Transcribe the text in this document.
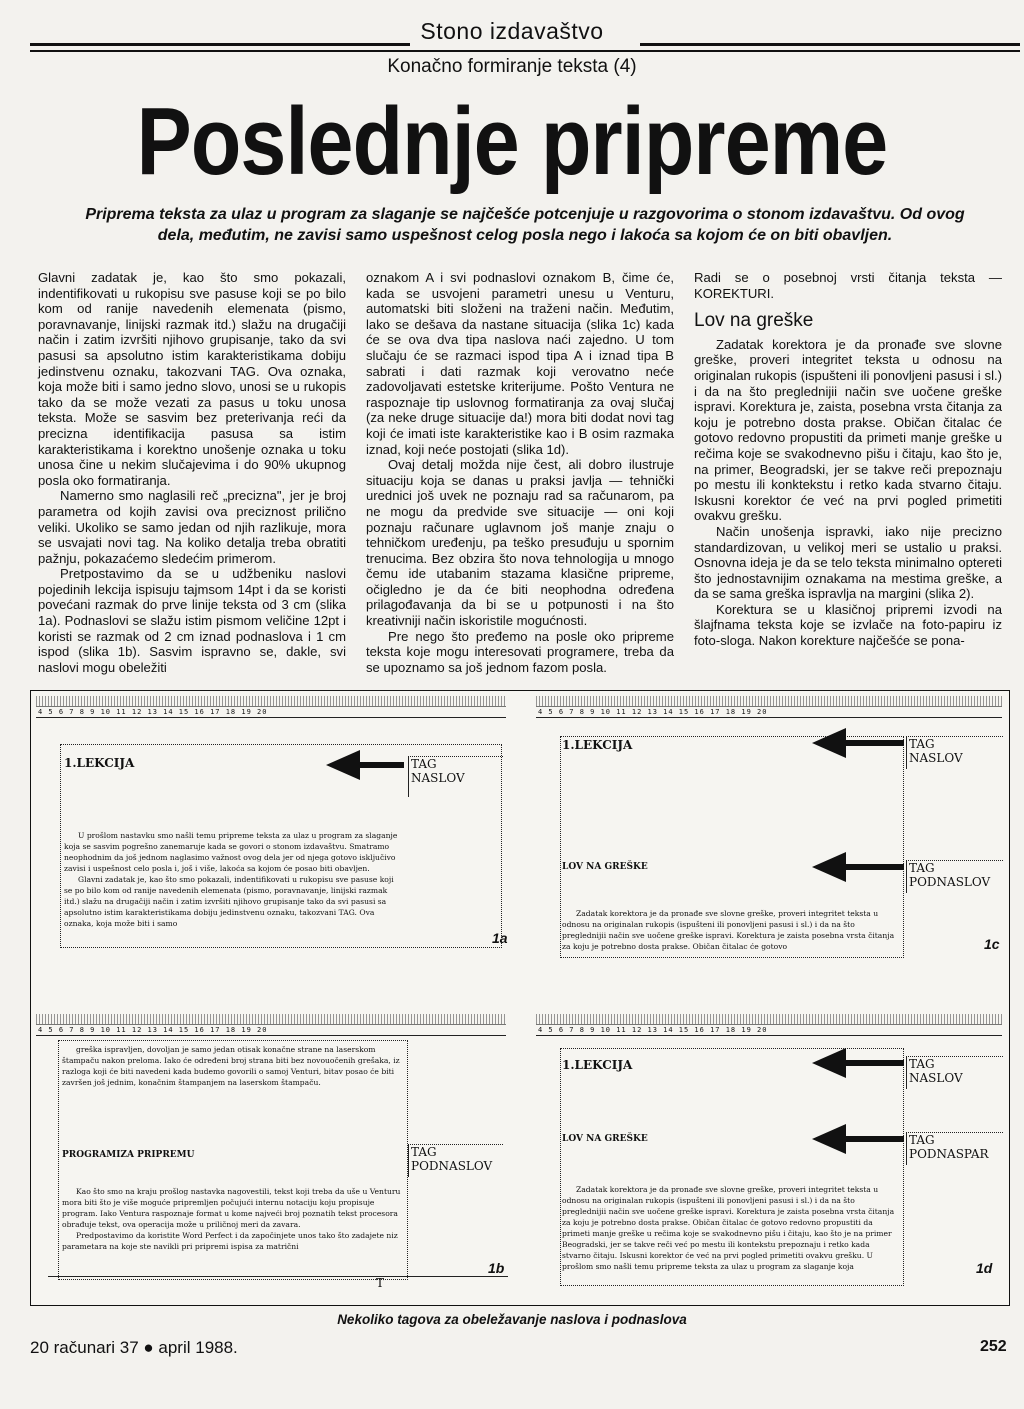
Stono izdavaštvo
Konačno formiranje teksta (4)
Poslednje pripreme
Priprema teksta za ulaz u program za slaganje se najčešće potcenjuje u razgovorima o stonom izdavaštvu. Od ovog dela, međutim, ne zavisi samo uspešnost celog posla nego i lakoća sa kojom će on biti obavljen.

Glavni zadatak je, kao što smo pokazali, indentifikovati u rukopisu sve pasuse koji se po bilo kom od ranije navedenih elemenata (pismo, poravnavanje, linijski razmak itd.) slažu na drugačiji način i zatim izvršiti njihovo grupisanje, tako da svi pasusi sa apsolutno istim karakteristikama dobiju jedinstvenu oznaku, takozvani TAG. Ova oznaka, koja može biti i samo jedno slovo, unosi se u rukopis tako da se može vezati za pasus u toku unosa teksta. Može se sasvim bez preterivanja reći da precizna identifikacija pasusa sa istim karakteristikama i korektno unošenje oznaka u toku unosa čine u nekim slučajevima i do 90% ukupnog posla oko formatiranja.

Namerno smo naglasili reč „precizna", jer je broj parametra od kojih zavisi ova preciznost prilično veliki. Ukoliko se samo jedan od njih razlikuje, mora se usvajati novi tag. Na koliko detalja treba obratiti pažnju, pokazaćemo sledećim primerom.

Pretpostavimo da se u udžbeniku naslovi pojedinih lekcija ispisuju tajmsom 14pt i da se koristi povećani razmak do prve linije teksta od 3 cm (slika 1a). Podnaslovi se slažu istim pismom veličine 12pt i koristi se razmak od 2 cm iznad podnaslova i 1 cm ispod (slika 1b). Sasvim ispravno se, dakle, svi naslovi mogu obeležiti

oznakom A i svi podnaslovi oznakom B, čime će, kada se usvojeni parametri unesu u Venturu, automatski biti složeni na traženi način. Međutim, lako se dešava da nastane situacija (slika 1c) kada će se ova dva tipa naslova naći zajedno. U tom slučaju će se razmaci ispod tipa A i iznad tipa B sabrati i dati razmak koji verovatno neće zadovoljavati estetske kriterijume. Pošto Ventura ne raspoznaje tip uslovnog formatiranja za ovaj slučaj (za neke druge situacije da!) mora biti dodat novi tag koji će imati iste karakteristike kao i B osim razmaka iznad, koji neće postojati (slika 1d).

Ovaj detalj možda nije čest, ali dobro ilustruje situaciju koja se danas u praksi javlja — tehnički urednici još uvek ne poznaju rad sa računarom, pa ne mogu da predvide sve situacije — oni koji poznaju računare uglavnom još manje znaju o tehničkom uređenju, pa teško presuđuju u spornim trenucima. Bez obzira što nova tehnologija u mnogo čemu ide utabanim stazama klasične pripreme, očigledno je da će biti neophodna određena prilagođavanja da bi se u potpunosti i na što kreativniji način iskoristile mogućnosti.

Pre nego što pređemo na posle oko pripreme teksta koje mogu interesovati programere, treba da se upoznamo sa još jednom fazom posla.

Radi se o posebnoj vrsti čitanja teksta — KOREKTURI.

Lov na greške

Zadatak korektora je da pronađe sve slovne greške, proveri integritet teksta u odnosu na originalan rukopis (ispušteni ili ponovljeni pasusi i sl.) i da na što preglednijii način sve uočene greške ispravi. Korektura je, zaista, posebna vrsta čitanja za koju je potrebno dosta prakse. Običan čitalac će gotovo redovno propustiti da primeti manje greške u rečima koje se svakodnevno pišu i čitaju, kao što je, na primer, Beogradski, jer se takve reči prepoznaju po mestu ili konktekstu i retko kada stvarno čitaju. Iskusni korektor će već na prvi pogled primetiti ovakvu grešku.

Način unošenja ispravki, iako nije precizno standardizovan, u velikoj meri se ustalio u praksi. Osnovna ideja je da se telo teksta minimalno optereti što jednostavnijim oznakama na mestima greške, a da se sama greška ispravlja na margini (slika 2).

Korektura se u klasičnoj pripremi izvodi na šlajfnama teksta koje se izvlače na foto-papiru iz foto-sloga. Nakon korekture najčešće se pona-

4 5 6 7 8 9 10 11 12 13 14 15 16 17 18 19 20
1.LEKCIJA	TAG
NASLOV

U prošlom nastavku smo našli temu pripreme teksta za ulaz u program za slaganje koja se sasvim pogrešno zanemaruje kada se govori o stonom izdavaštvu. Smatramo neophodnim da još jednom naglasimo važnost ovog dela jer od njega gotovo isključivo zavisi i uspešnost celo posla i, još i više, lakoća sa kojom će posao biti obavljen.

Glavni zadatak je, kao što smo pokazali, indentifikovati u rukopisu sve pasuse koji se po bilo kom od ranije navedenih elemenata (pismo, poravnavanje, linijski razmak itd.) slažu na drugačiji način i zatim izvršiti njihovo grupisanje tako da svi pasusi sa apsolutno istim karakteristikama dobiju jedinstvenu oznaku, takozvani TAG. Ova oznaka, koja može biti i samo

1a
4 5 6 7 8 9 10 11 12 13 14 15 16 17 18 19 20
1.LEKCIJA	TAG
NASLOV
LOV NA GREŠKE	TAG
PODNASLOV

Zadatak korektora je da pronađe sve slovne greške, proveri integritet teksta u odnosu na originalan rukopis (ispušteni ili ponovljeni pasusi i sl.) i da na što preglednijii način sve uočene greške ispravi. Korektura je zaista posebna vrsta čitanja za koju je potrebno dosta prakse. Običan čitalac će gotovo	1c
4 5 6 7 8 9 10 11 12 13 14 15 16 17 18 19 20

greška ispravljen, dovoljan je samo jedan otisak konačne strane na laserskom štampaču nakon preloma. Iako će određeni broj strana biti bez novouočenih grešaka, iz razloga koji će biti navedeni kada budemo govorili o samoj Venturi, bitav posao će biti završen još jednim, konačnim štampanjem na laserskom štampaču.

PROGRAMIZA PRIPREMU	TAG
PODNASLOV

Kao što smo na kraju prošlog nastavka nagovestili, tekst koji treba da uše u Venturu mora biti što je više moguće pripremljen počujući internu notaciju koju propisuje program. Iako Ventura raspoznaje format u kome najveći broj poznatih tekst procesora obrađuje tekst, ova operacija može u priličnoj meri da zavara.

Predpostavimo da koristite Word Perfect i da započinjete unos tako što zadajete niz parametara na koje ste navikli pri pripremi ispisa za matrični

1b
T
4 5 6 7 8 9 10 11 12 13 14 15 16 17 18 19 20
1.LEKCIJA	TAG
NASLOV
LOV NA GREŠKE	TAG
PODNASPAR

Zadatak korektora je da pronađe sve slovne greške, proveri integritet teksta u odnosu na originalan rukopis (ispušteni ili ponovljeni pasusi i sl.) i da na što preglednijii način sve uočene greške ispravi. Korektura je zaista posebna vrsta čitanja za koju je potrebno dosta prakse. Običan čitalac će gotovo redovno propustiti da primeti manje greške u rečima koje se svakodnevno pišu i čitaju, kao što je na primer Beogradski, jer se takve reči već po mestu ili kontekstu prepoznaju i retko kada stvarno čitaju. Iskusni korektor će već na prvi pogled primetiti ovakvu grešku. U prošlom smo našli temu pripreme teksta za ulaz u program za slaganje koja	1d
Nekoliko tagova za obeležavanje naslova i podnaslova
20 računari 37 ● april 1988.	252
